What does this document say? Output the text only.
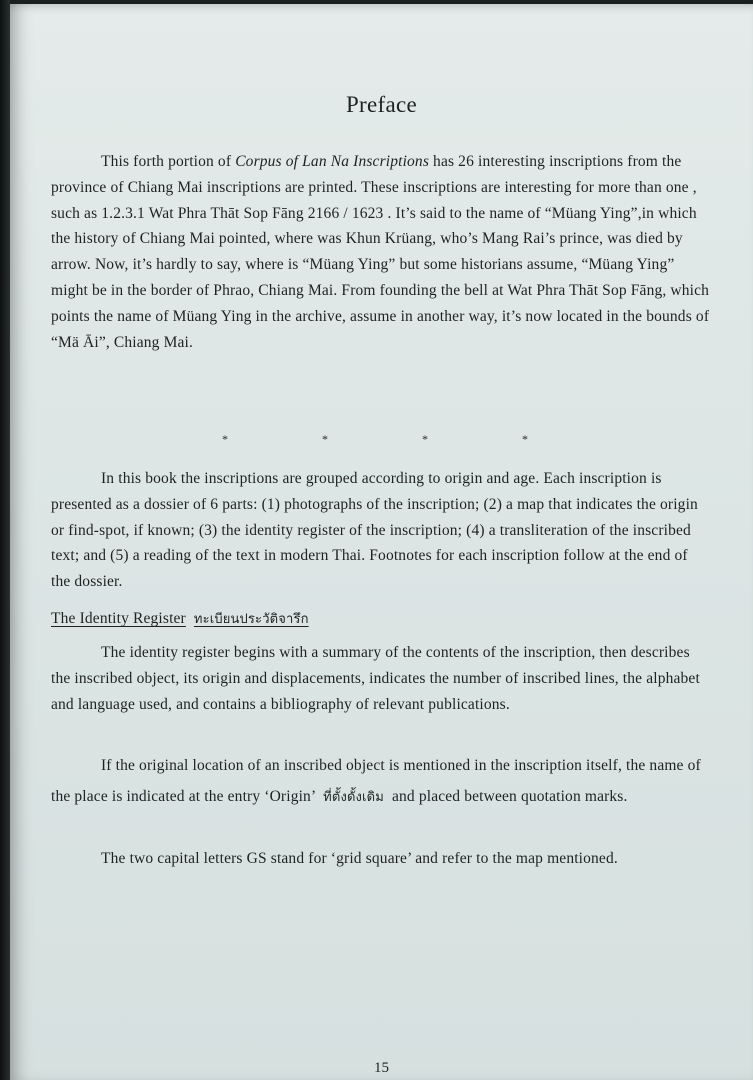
Preface

This forth portion of Corpus of Lan Na Inscriptions has 26 interesting inscriptions from the province of Chiang Mai inscriptions are printed. These inscriptions are interesting for more than one , such as 1.2.3.1 Wat Phra Thāt Sop Fāng 2166 / 1623 . It’s said to the name of “Müang Ying”,in which the history of Chiang Mai pointed, where was Khun Krüang, who’s Mang Rai’s prince, was died by arrow. Now, it’s hardly to say, where is “Müang Ying” but some historians assume, “Müang Ying” might be in the border of Phrao, Chiang Mai. From founding the bell at Wat Phra Thāt Sop Fāng, which points the name of Müang Ying in the archive, assume in another way, it’s now located in the bounds of “Mä Āi”, Chiang Mai.

*	*	*	*

In this book the inscriptions are grouped according to origin and age. Each inscription is presented as a dossier of 6 parts: (1) photographs of the inscription; (2) a map that indicates the origin or find-spot, if known; (3) the identity register of the inscription; (4) a transliteration of the inscribed text; and (5) a reading of the text in modern Thai. Footnotes for each inscription follow at the end of the dossier.

The Identity Register ทะเบียนประวัติจารึก

The identity register begins with a summary of the contents of the inscription, then describes the inscribed object, its origin and displacements, indicates the number of inscribed lines, the alphabet and language used, and contains a bibliography of relevant publications.

If the original location of an inscribed object is mentioned in the inscription itself, the name of the place is indicated at the entry ‘Origin’ ที่ตั้งดั้งเดิม and placed between quotation marks.

The two capital letters GS stand for ‘grid square’ and refer to the map mentioned.

15
